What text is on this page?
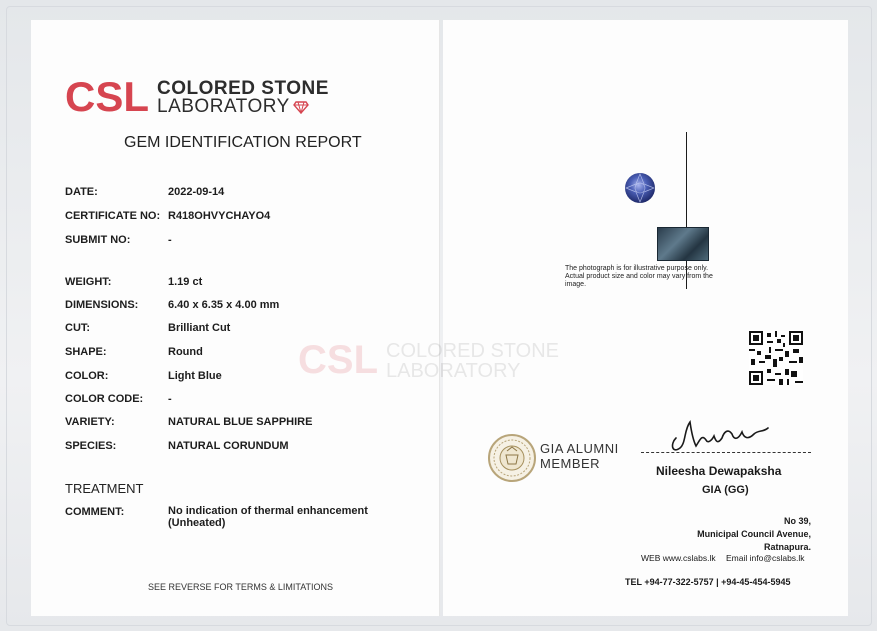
CSL COLORED STONE
LABORATORY
GEM IDENTIFICATION REPORT
DATE:	2022-09-14
CERTIFICATE NO: R418OHVYCHAYO4
SUBMIT NO:	-
WEIGHT:	1.19 ct
DIMENSIONS:	6.40 x 6.35 x 4.00 mm
CUT:	Brilliant Cut
SHAPE:	Round
COLOR:	Light Blue
COLOR CODE: -
VARIETY:	NATURAL BLUE SAPPHIRE
SPECIES:	NATURAL CORUNDUM
TREATMENT
COMMENT:	No indication of thermal enhancement
(Unheated)
SEE REVERSE FOR TERMS & LIMITATIONS
CSL COLORED STONE
LABORATORY
The photograph is for illustrative purpose only. Actual product size and color may vary from the image.
GIA ALUMNI
MEMBER	Nileesha Dewapaksha
GIA (GG)
No 39,
Municipal Council Avenue,
Ratnapura.
WEB www.cslabs.lk Email info@cslabs.lk
TEL +94-77-322-5757 | +94-45-454-5945
